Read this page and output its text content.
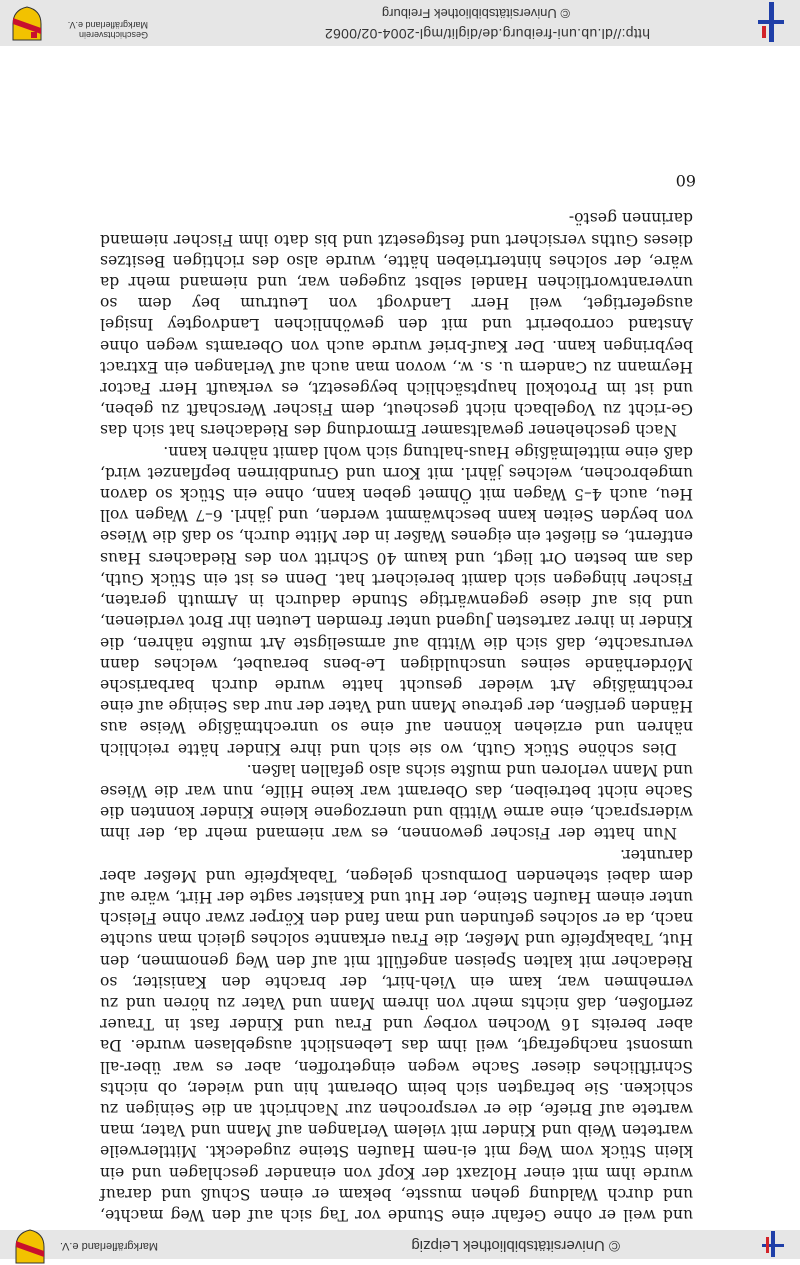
© Universitätsbibliothek Leipzig
Markgräflerland e.V.

und weil er ohne Gefahr eine Stunde vor Tag sich auf den Weg machte, und durch Waldung gehen musste, bekam er einen Schuß und darauf wurde ihm mit einer Holzaxt der Kopf von einander geschlagen und ein klein Stück vom Weg mit ei-nem Haufen Steine zugedeckt. Mittlerweile warteten Weib und Kinder mit vielem Verlangen auf Mann und Vater, man wartete auf Briefe, die er versprochen zur Nachricht an die Seinigen zu schicken. Sie befragten sich beim Oberamt hin und wieder, ob nichts Schriftliches dieser Sache wegen eingetroffen, aber es war über-all umsonst nachgefragt, weil ihm das Lebenslicht ausgeblasen wurde. Da aber bereits 16 Wochen vorbey und Frau und Kinder fast in Trauer zerfloßen, daß nichts mehr von ihrem Mann und Vater zu hören und zu vernehmen war, kam ein Vieh-hirt, der brachte den Kanisiter, so Riedacher mit kalten Speisen angefüllt mit auf den Weg genommen, den Hut, Tabakpfeife und Meßer, die Frau erkannte solches gleich man suchte nach, da er solches gefunden und man fand den Körper zwar ohne Fleisch unter einem Haufen Steine, der Hut und Kanister sagte der Hirt, wäre auf dem dabei stehenden Dornbusch gelegen, Tabakpfeife und Meßer aber darunter.

Nun hatte der Fischer gewonnen, es war niemand mehr da, der ihm widersprach, eine arme Wittib und unerzogene kleine Kinder konnten die Sache nicht betreiben, das Oberamt war keine Hilfe, nun war die Wiese und Mann verloren und mußte sichs also gefallen laßen.

Dies schöne Stück Guth, wo sie sich und ihre Kinder hätte reichlich nähren und erziehen können auf eine so unrechtmäßige Weise aus Händen gerißen, der getreue Mann und Vater der nur das Seinige auf eine rechtmäßige Art wieder gesucht hatte wurde durch barbarische Mörderhände seines unschuldigen Le-bens beraubet, welches dann verursachte, daß sich die Wittib auf armseligste Art mußte nähren, die Kinder in ihrer zartesten Jugend unter fremden Leuten ihr Brot verdienen, und bis auf diese gegenwärtige Stunde dadurch in Armuth geraten, Fischer hingegen sich damit bereichert hat. Denn es ist ein Stück Guth, das am besten Ort liegt, und kaum 40 Schritt von des Riedachers Haus entfernt, es fließet ein eigenes Waßer in der Mitte durch, so daß die Wiese von beyden Seiten kann beschwämmt werden, und jährl. 6–7 Wagen voll Heu, auch 4–5 Wagen mit Öhmet geben kann, ohne ein Stück so davon umgebrochen, welches jährl. mit Korn und Grundbirnen bepflanzet wird, daß eine mittelmäßige Haus-haltung sich wohl damit nähren kann.

Nach geschehener gewaltsamer Ermordung des Riedachers hat sich das Ge-richt zu Vogelbach nicht gescheut, dem Fischer Werschaft zu geben, und ist im Protokoll hauptsächlich beygesetzt, es verkauft Herr Factor Heymann zu Candern u. s. w., wovon man auch auf Verlangen ein Extract beybringen kann. Der Kauf-brief wurde auch von Oberamts wegen ohne Anstand corroberirt und mit den gewöhnlichen Landvogtey Insigel ausgefertiget, weil Herr Landvogt von Leutrum bey dem so unverantwortlichen Handel selbst zugegen war, und niemand mehr da wäre, der solches hintertrieben hätte, wurde also des richtigen Besitzes dieses Guths versichert und festgesetzt und bis dato ihm Fischer niemand darinnen gestö-

60
http://dl.ub.uni-freiburg.de/diglit/mgl-2004-02/0062
© Universitätsbibliothek Freiburg
Geschichtsverein
Markgräflerland e.V.
